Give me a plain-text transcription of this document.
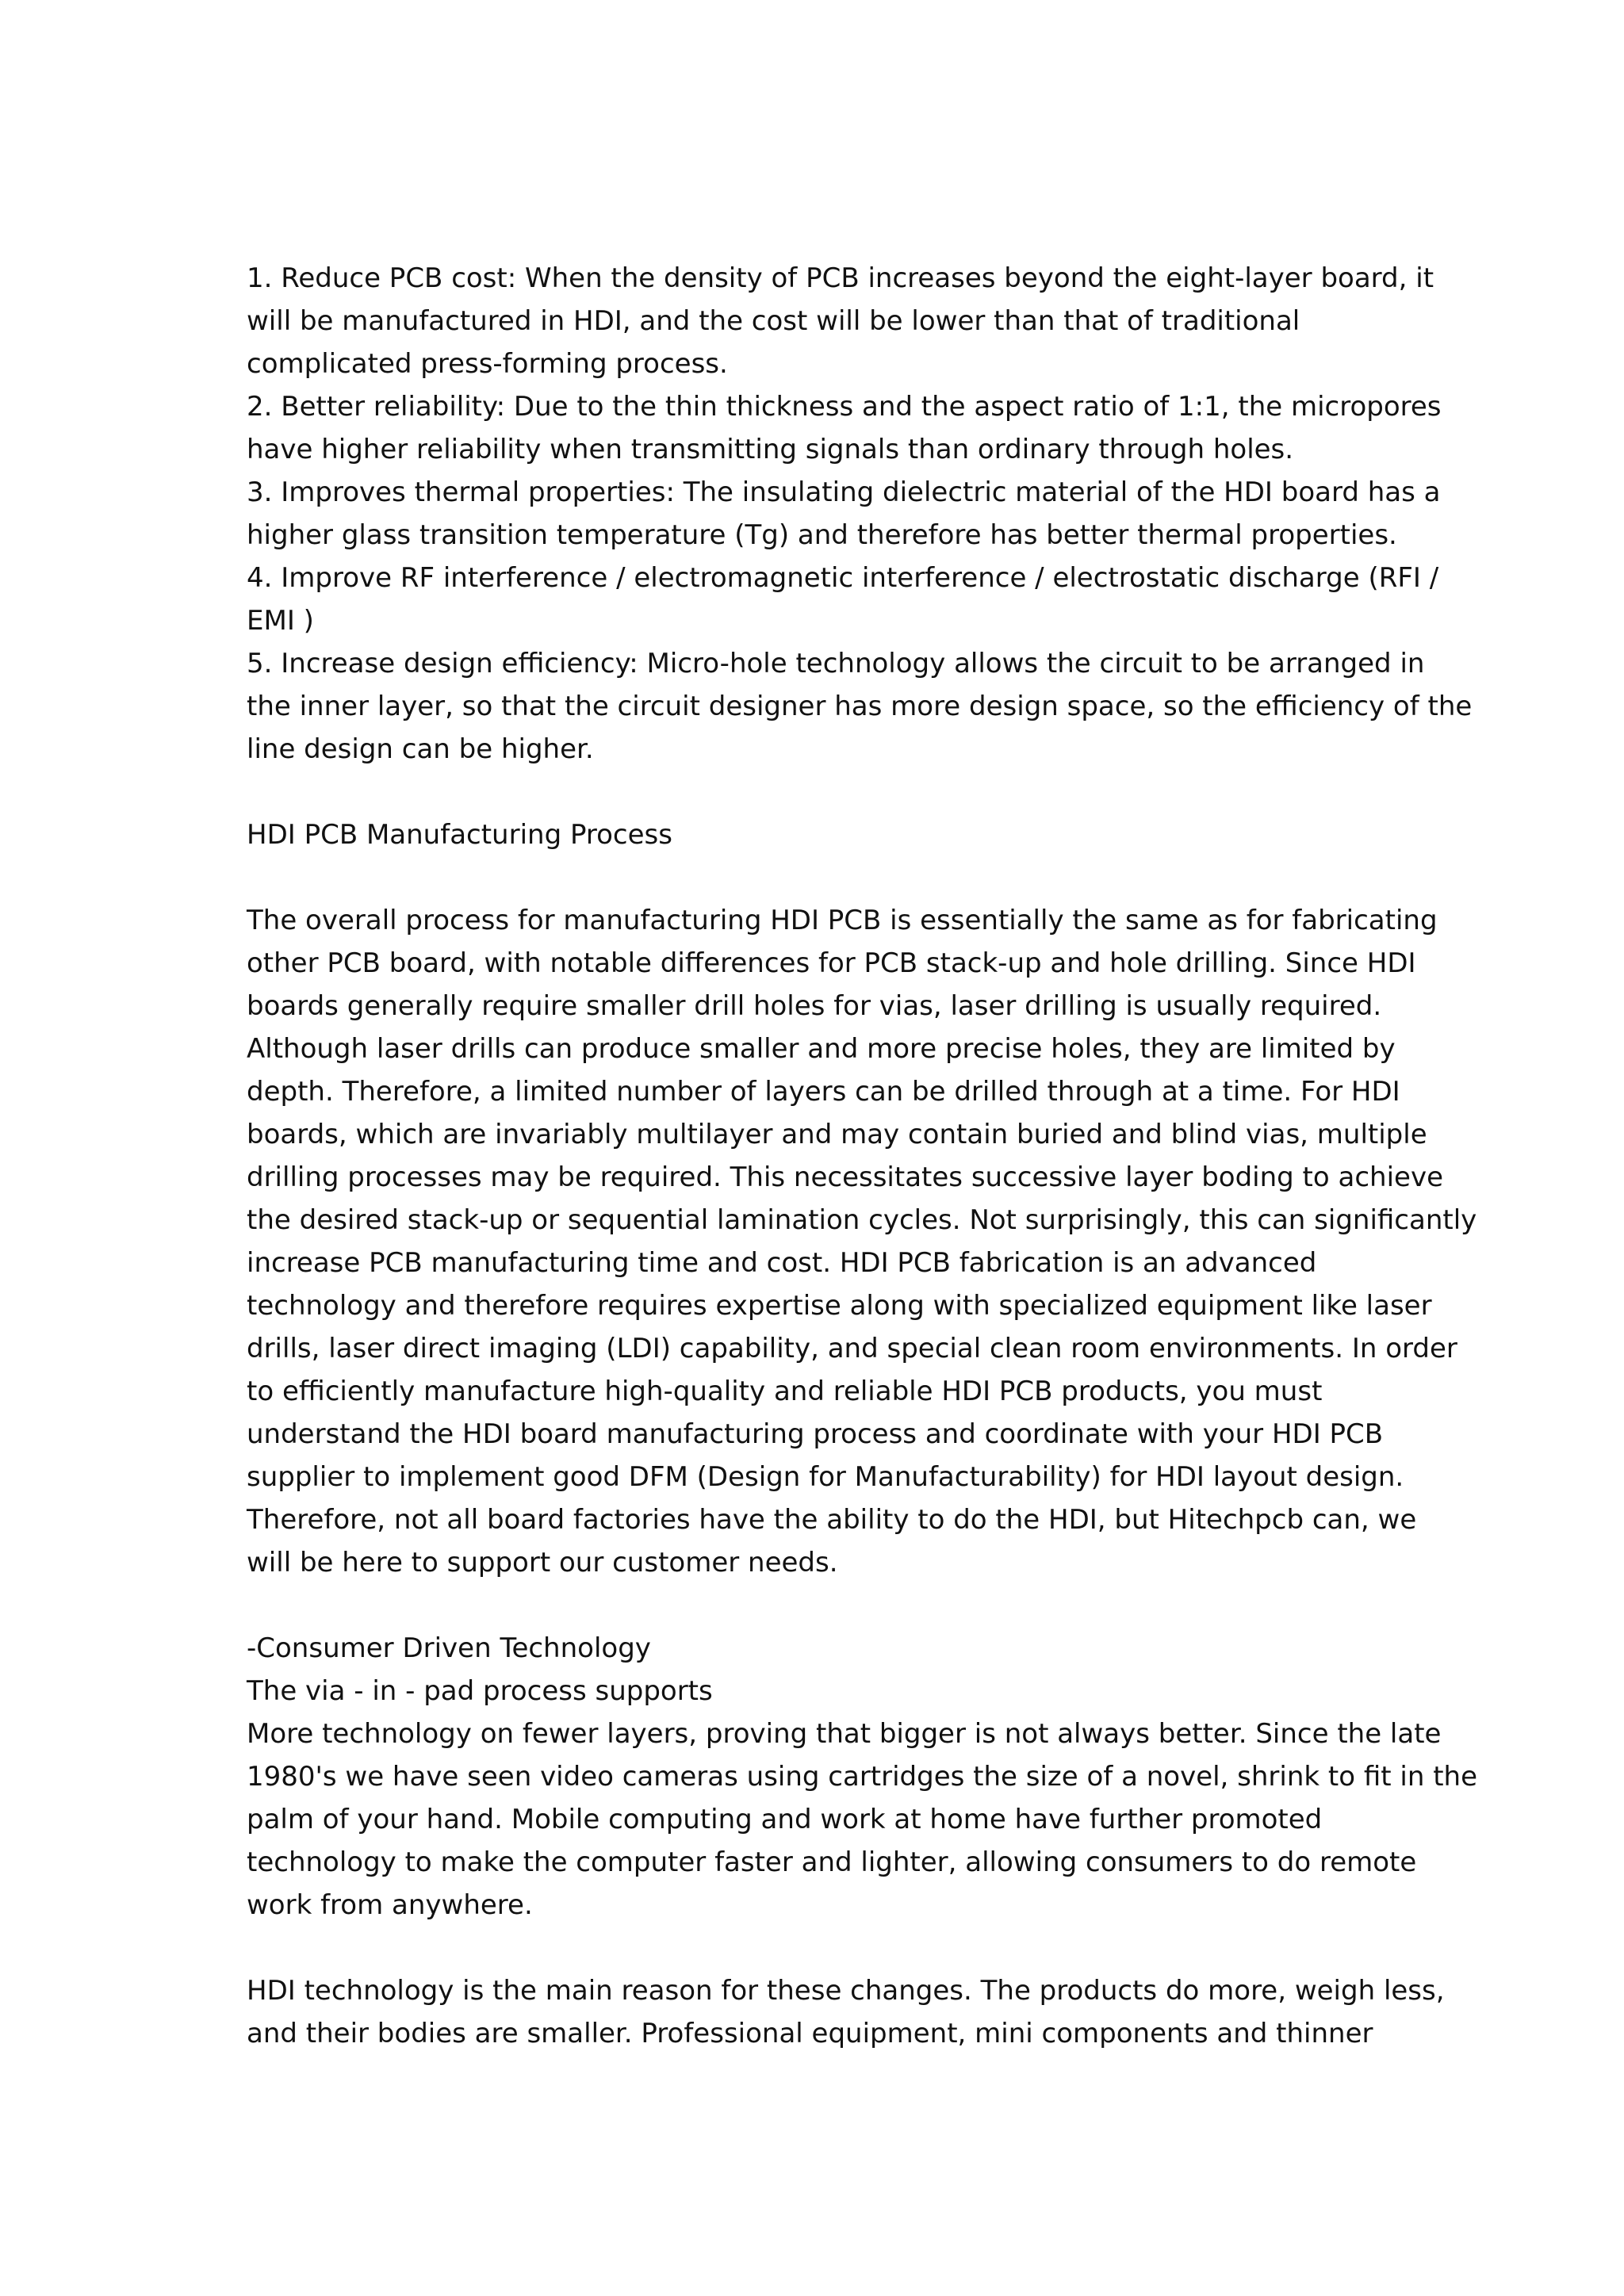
1. Reduce PCB cost: When the density of PCB increases beyond the eight-layer board, it
will be manufactured in HDI, and the cost will be lower than that of traditional
complicated press-forming process.
2. Better reliability: Due to the thin thickness and the aspect ratio of 1:1, the micropores
have higher reliability when transmitting signals than ordinary through holes.
3. Improves thermal properties: The insulating dielectric material of the HDI board has a
higher glass transition temperature (Tg) and therefore has better thermal properties.
4. Improve RF interference / electromagnetic interference / electrostatic discharge (RFI /
EMI )
5. Increase design efficiency: Micro-hole technology allows the circuit to be arranged in
the inner layer, so that the circuit designer has more design space, so the efficiency of the
line design can be higher.
HDI PCB Manufacturing Process
The overall process for manufacturing HDI PCB is essentially the same as for fabricating
other PCB board, with notable differences for PCB stack-up and hole drilling. Since HDI
boards generally require smaller drill holes for vias, laser drilling is usually required.
Although laser drills can produce smaller and more precise holes, they are limited by
depth. Therefore, a limited number of layers can be drilled through at a time. For HDI
boards, which are invariably multilayer and may contain buried and blind vias, multiple
drilling processes may be required. This necessitates successive layer boding to achieve
the desired stack-up or sequential lamination cycles. Not surprisingly, this can significantly
increase PCB manufacturing time and cost. HDI PCB fabrication is an advanced
technology and therefore requires expertise along with specialized equipment like laser
drills, laser direct imaging (LDI) capability, and special clean room environments. In order
to efficiently manufacture high-quality and reliable HDI PCB products, you must
understand the HDI board manufacturing process and coordinate with your HDI PCB
supplier to implement good DFM (Design for Manufacturability) for HDI layout design.
Therefore, not all board factories have the ability to do the HDI, but Hitechpcb can, we
will be here to support our customer needs.
-Consumer Driven Technology
The via - in - pad process supports
More technology on fewer layers, proving that bigger is not always better. Since the late
1980's we have seen video cameras using cartridges the size of a novel, shrink to fit in the
palm of your hand. Mobile computing and work at home have further promoted
technology to make the computer faster and lighter, allowing consumers to do remote
work from anywhere.
HDI technology is the main reason for these changes. The products do more, weigh less,
and their bodies are smaller. Professional equipment, mini components and thinner
